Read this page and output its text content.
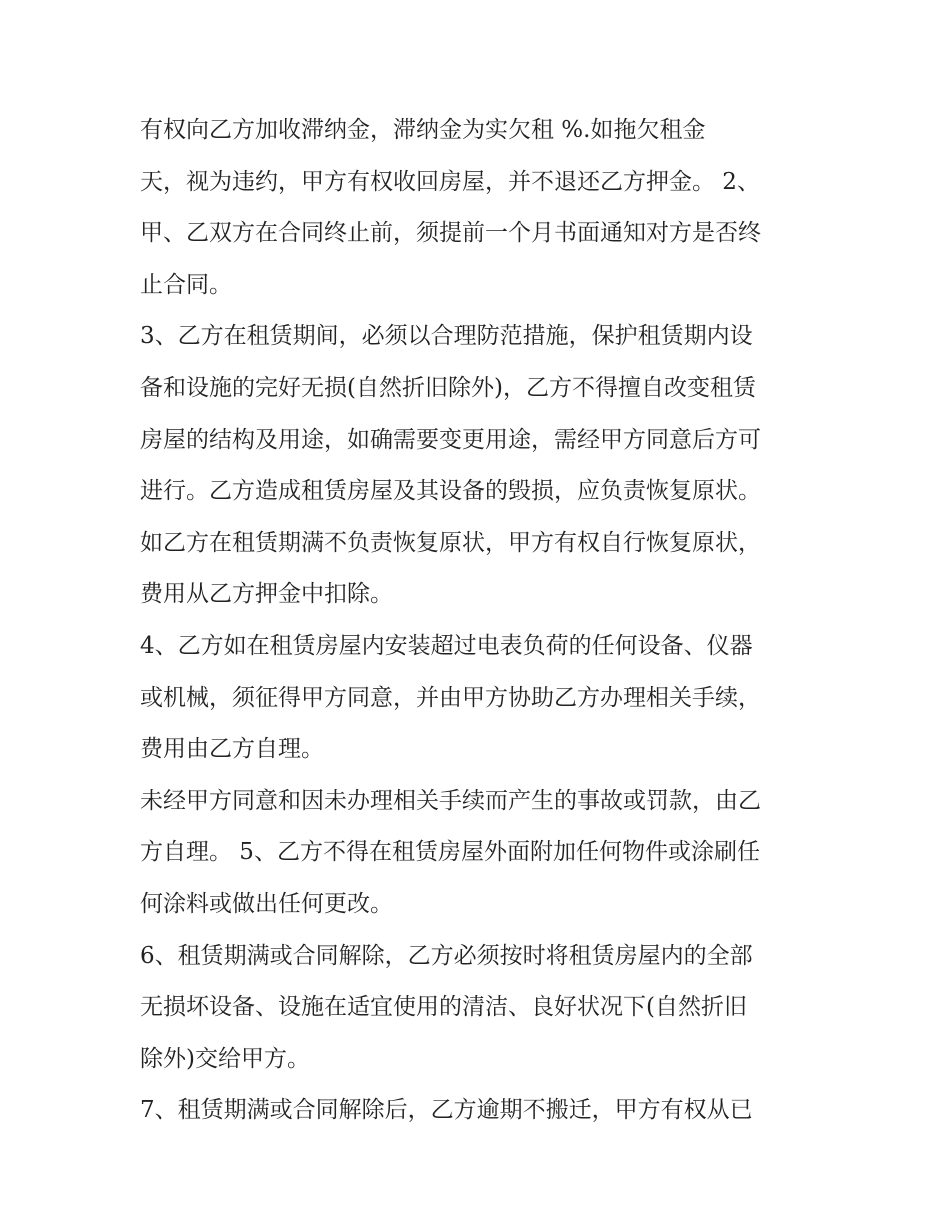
有权向乙方加收滞纳金，滞纳金为实欠租 %.如拖欠租金
天，视为违约，甲方有权收回房屋，并不退还乙方押金。 2、
甲、乙双方在合同终止前，须提前一个月书面通知对方是否终
止合同。
3、乙方在租赁期间，必须以合理防范措施，保护租赁期内设
备和设施的完好无损(自然折旧除外)，乙方不得擅自改变租赁
房屋的结构及用途，如确需要变更用途，需经甲方同意后方可
进行。乙方造成租赁房屋及其设备的毁损，应负责恢复原状。
如乙方在租赁期满不负责恢复原状，甲方有权自行恢复原状，
费用从乙方押金中扣除。
4、乙方如在租赁房屋内安装超过电表负荷的任何设备、仪器
或机械，须征得甲方同意，并由甲方协助乙方办理相关手续，
费用由乙方自理。
未经甲方同意和因未办理相关手续而产生的事故或罚款，由乙
方自理。 5、乙方不得在租赁房屋外面附加任何物件或涂刷任
何涂料或做出任何更改。
6、租赁期满或合同解除，乙方必须按时将租赁房屋内的全部
无损坏设备、设施在适宜使用的清洁、良好状况下(自然折旧
除外)交给甲方。
7、租赁期满或合同解除后，乙方逾期不搬迁，甲方有权从已
